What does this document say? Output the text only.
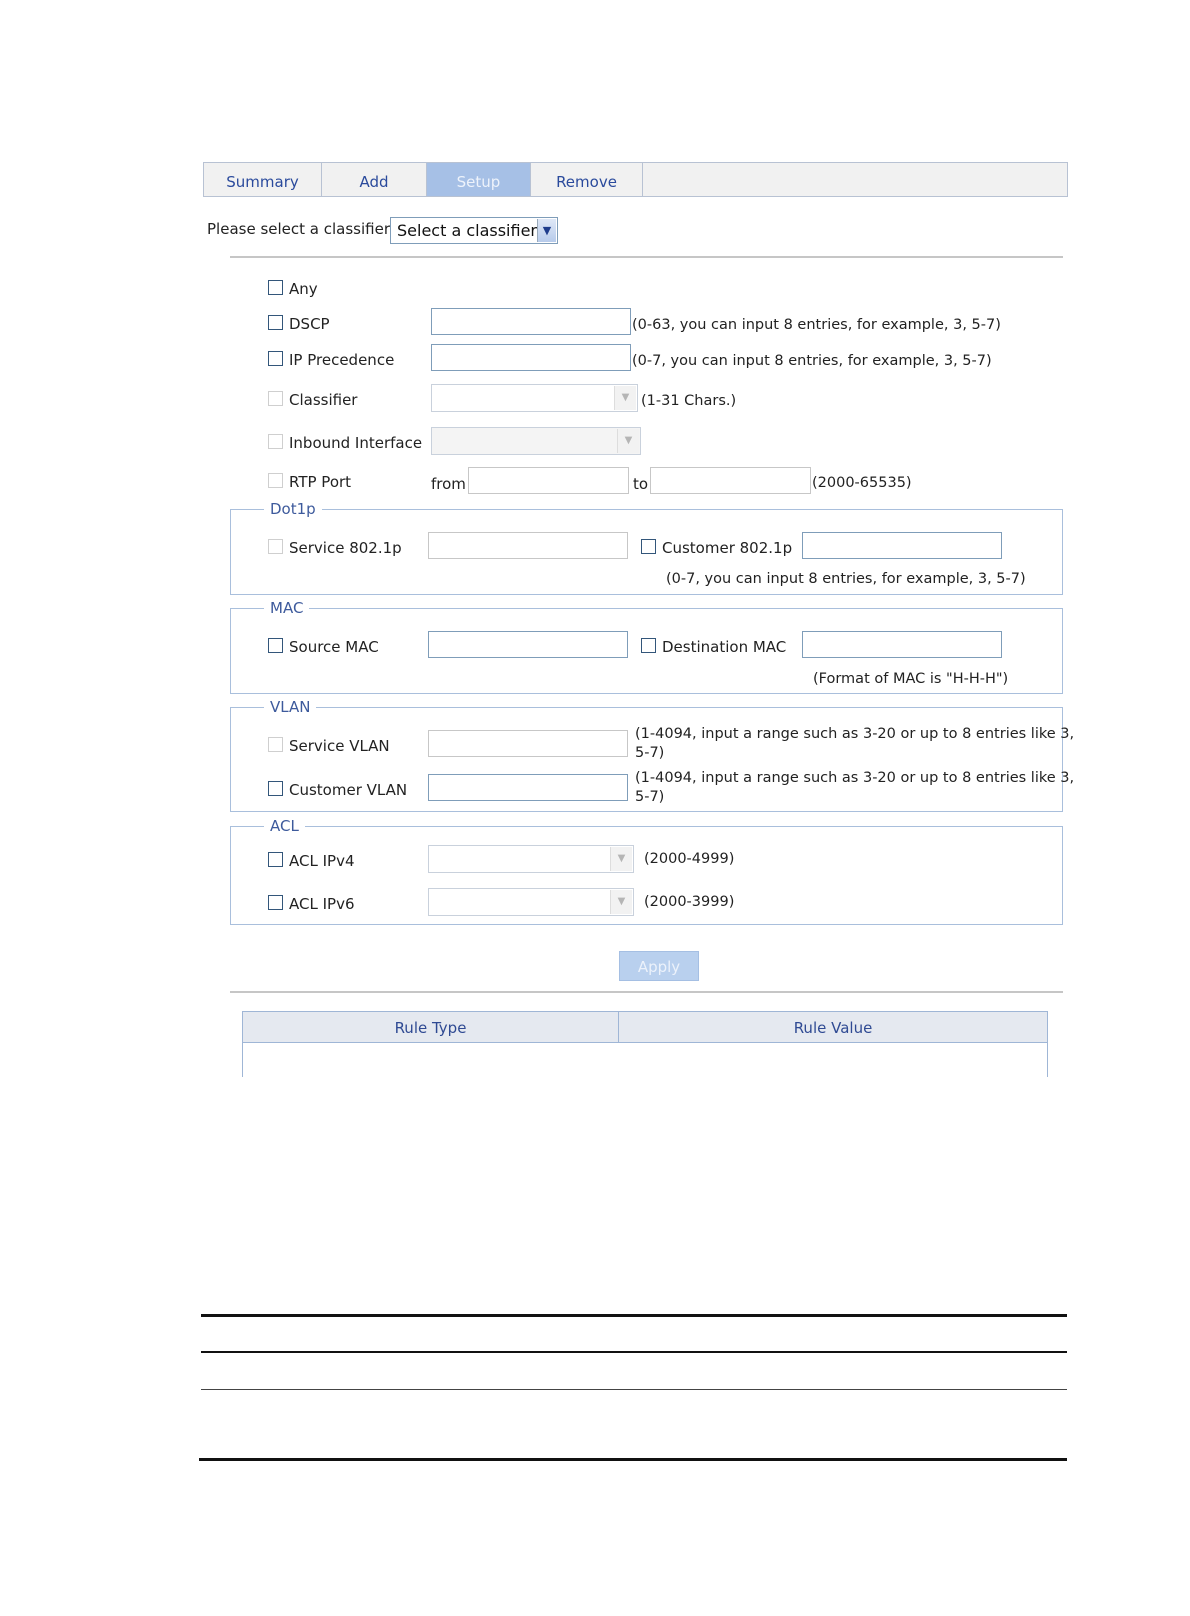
Summary	Add	Setup	Remove
Please select a classifier Select a classifier ▼
Any
DSCP	(0-63, you can input 8 entries, for example, 3, 5-7)
IP Precedence	(0-7, you can input 8 entries, for example, 3, 5-7)
Classifier	▼ (1-31 Chars.)
Inbound Interface	▼
RTP Port	from	to	(2000-65535)
Dot1p
Service 802.1p	Customer 802.1p
(0-7, you can input 8 entries, for example, 3, 5-7)
MAC
Source MAC	Destination MAC
(Format of MAC is "H-H-H")
VLAN
Service VLAN
(1-4094, input a range such as 3-20 or up to 8 entries like 3,
5-7)
Customer VLAN
(1-4094, input a range such as 3-20 or up to 8 entries like 3,
5-7)
ACL
ACL IPv4	▼	(2000-4999)
ACL IPv6	▼	(2000-3999)
Apply
Rule Type	Rule Value
